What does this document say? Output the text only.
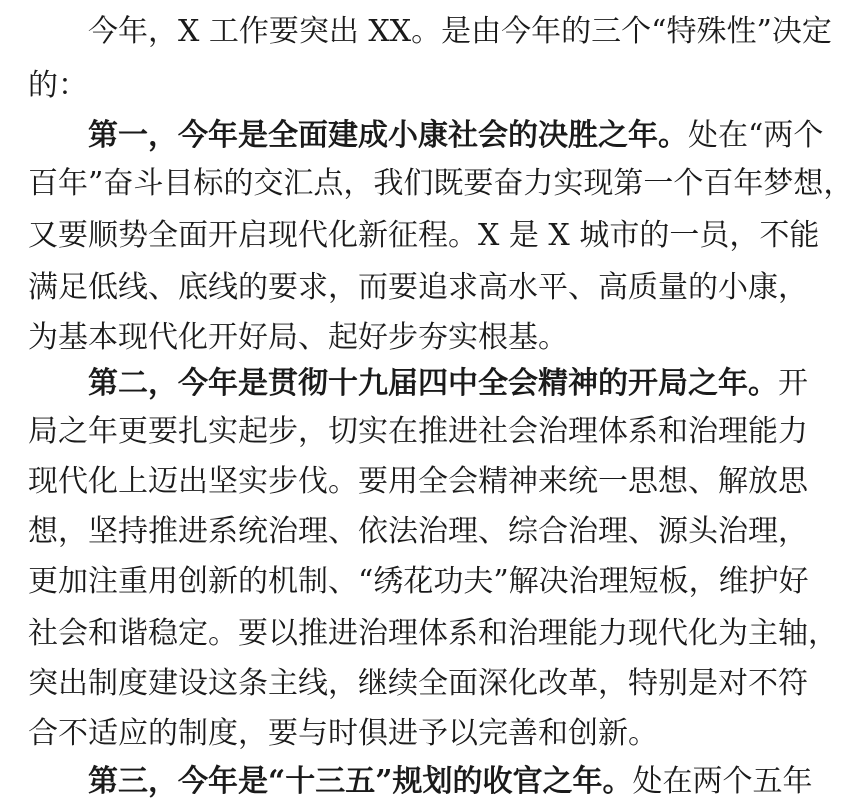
今年，X 工作要突出 XX。是由今年的三个“特殊性”决定
的：
第一，今年是全面建成小康社会的决胜之年。处在“两个
百年”奋斗目标的交汇点，我们既要奋力实现第一个百年梦想，
又要顺势全面开启现代化新征程。X 是 X 城市的一员，不能
满足低线、底线的要求，而要追求高水平、高质量的小康，
为基本现代化开好局、起好步夯实根基。
第二，今年是贯彻十九届四中全会精神的开局之年。开
局之年更要扎实起步，切实在推进社会治理体系和治理能力
现代化上迈出坚实步伐。要用全会精神来统一思想、解放思
想，坚持推进系统治理、依法治理、综合治理、源头治理，
更加注重用创新的机制、“绣花功夫”解决治理短板，维护好
社会和谐稳定。要以推进治理体系和治理能力现代化为主轴，
突出制度建设这条主线，继续全面深化改革，特别是对不符
合不适应的制度，要与时俱进予以完善和创新。
第三，今年是“十三五”规划的收官之年。处在两个五年
